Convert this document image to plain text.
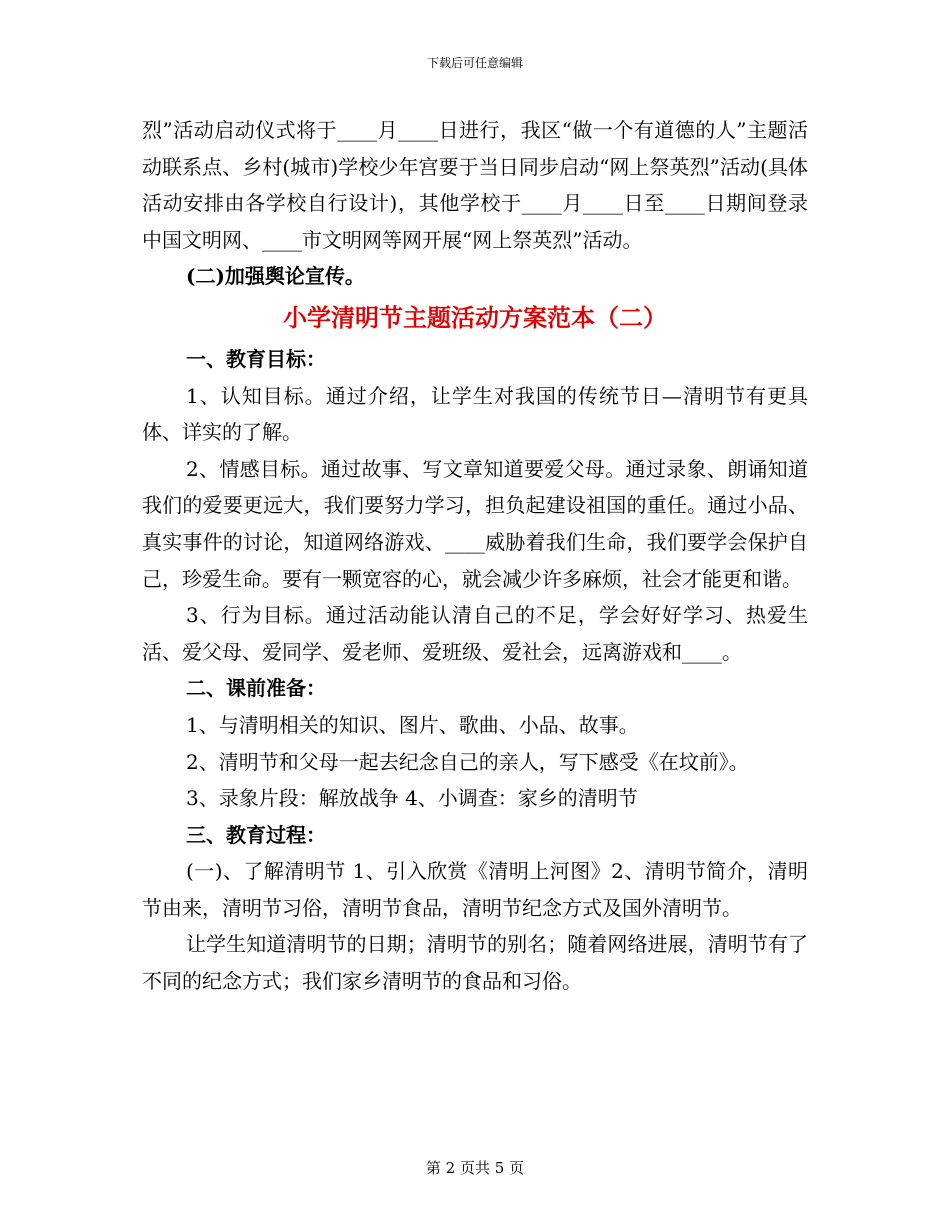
下载后可任意编辑

烈”活动启动仪式将于____月____日进行，我区“做一个有道德的人”主题活动联系点、乡村(城市)学校少年宫要于当日同步启动“网上祭英烈”活动(具体活动安排由各学校自行设计)，其他学校于____月____日至____日期间登录中国文明网、____市文明网等网开展“网上祭英烈”活动。

(二)加强舆论宣传。

小学清明节主题活动方案范本（二）

一、教育目标：

1、认知目标。通过介绍，让学生对我国的传统节日—清明节有更具体、详实的了解。

2、情感目标。通过故事、写文章知道要爱父母。通过录象、朗诵知道我们的爱要更远大，我们要努力学习，担负起建设祖国的重任。通过小品、真实事件的讨论，知道网络游戏、____威胁着我们生命，我们要学会保护自己，珍爱生命。要有一颗宽容的心，就会减少许多麻烦，社会才能更和谐。

3、行为目标。通过活动能认清自己的不足，学会好好学习、热爱生活、爱父母、爱同学、爱老师、爱班级、爱社会，远离游戏和____。

二、课前准备：

1、与清明相关的知识、图片、歌曲、小品、故事。

2、清明节和父母一起去纪念自己的亲人，写下感受《在坟前》。

3、录象片段：解放战争 4、小调查：家乡的清明节

三、教育过程：

(一)、了解清明节 1、引入欣赏《清明上河图》2、清明节简介，清明节由来，清明节习俗，清明节食品，清明节纪念方式及国外清明节。

让学生知道清明节的日期；清明节的别名；随着网络进展，清明节有了不同的纪念方式；我们家乡清明节的食品和习俗。

第 2 页共 5 页
